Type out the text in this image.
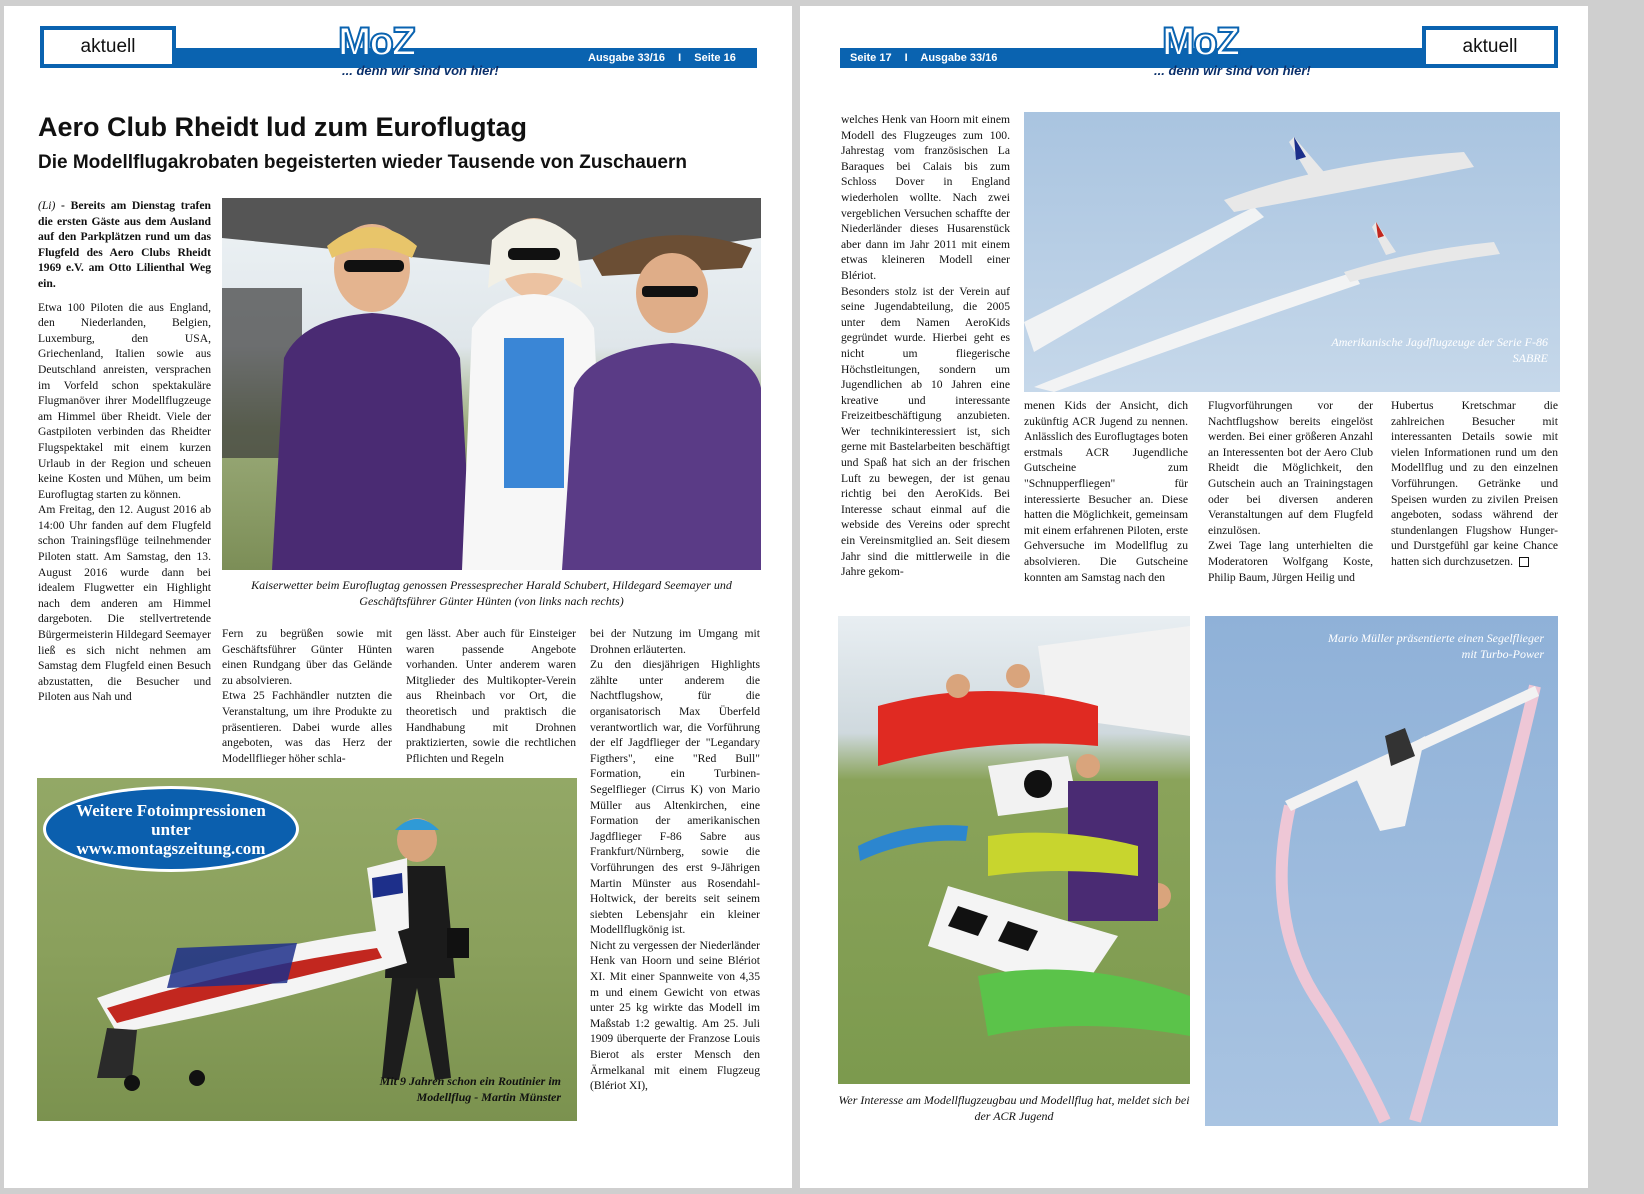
aktuell	MoZ	Ausgabe 33/16 I Seite 16
... denn wir sind von hier!
Aero Club Rheidt lud zum Euroflugtag
Die Modellflugakrobaten begeisterten wieder Tausende von Zuschauern

(Li) - Bereits am Dienstag trafen die ersten Gäste aus dem Ausland auf den Parkplätzen rund um das Flugfeld des Aero Clubs Rheidt 1969 e.V. am Otto Lilienthal Weg ein.

Etwa 100 Piloten die aus England, den Niederlanden, Belgien, Luxemburg, den USA, Griechenland, Italien sowie aus Deutschland anreisten, versprachen im Vorfeld schon spektakuläre Flugmanöver ihrer Modellflugzeuge am Himmel über Rheidt. Viele der Gastpiloten verbinden das Rheidter Flugspektakel mit einem kurzen Urlaub in der Region und scheuen keine Kosten und Mühen, um beim Euroflugtag starten zu können.

Am Freitag, den 12. August 2016 ab 14:00 Uhr fanden auf dem Flugfeld schon Trainingsflüge teilnehmender Piloten statt. Am Samstag, den 13. August 2016 wurde dann bei idealem Flugwetter ein Highlight nach dem anderen am Himmel dargeboten. Die stellvertretende Bürgermeisterin Hildegard Seemayer ließ es sich nicht nehmen am Samstag dem Flugfeld einen Besuch abzustatten, die Besucher und Piloten aus Nah und

Kaiserwetter beim Euroflugtag genossen Pressesprecher Harald Schubert, Hildegard Seemayer und Geschäftsführer Günter Hünten (von links nach rechts)

Fern zu begrüßen sowie mit Geschäftsführer Günter Hünten einen Rundgang über das Gelände zu absolvieren.

Etwa 25 Fachhändler nutzten die Veranstaltung, um ihre Produkte zu präsentieren. Dabei wurde alles angeboten, was das Herz der Modellflieger höher schla-

gen lässt. Aber auch für Einsteiger waren passende Angebote vorhanden. Unter anderem waren Mitglieder des Multikopter-Verein aus Rheinbach vor Ort, die theoretisch und praktisch die Handhabung mit Drohnen praktizierten, sowie die rechtlichen Pflichten und Regeln

bei der Nutzung im Umgang mit Drohnen erläuterten.

Zu den diesjährigen Highlights zählte unter anderem die Nachtflugshow, für die organisatorisch Max Überfeld verantwortlich war, die Vorführung der elf Jagdflieger der "Legandary Figthers", eine "Red Bull" Formation, ein Turbinen-Segelflieger (Cirrus K) von Mario Müller aus Altenkirchen, eine Formation der amerikanischen Jagdflieger F-86 Sabre aus Frankfurt/Nürnberg, sowie die Vorführungen des erst 9-Jährigen Martin Münster aus Rosendahl-Holtwick, der bereits seit seinem siebten Lebensjahr ein kleiner Modellflugkönig ist.

Nicht zu vergessen der Niederländer Henk van Hoorn und seine Blériot XI. Mit einer Spannweite von 4,35 m und einem Gewicht von etwas unter 25 kg wirkte das Modell im Maßstab 1:2 gewaltig. Am 25. Juli 1909 überquerte der Franzose Louis Bierot als erster Mensch den Ärmelkanal mit einem Flugzeug (Blériot XI),

Weitere Fotoimpressionen unter www.montagszeitung.com
Mit 9 Jahren schon ein Routinier im Modellflug - Martin Münster
Seite 17 I Ausgabe 33/16	MoZ
... denn wir sind von hier!
aktuell

welches Henk van Hoorn mit einem Modell des Flugzeuges zum 100. Jahrestag vom französischen La Baraques bei Calais bis zum Schloss Dover in England wiederholen wollte. Nach zwei vergeblichen Versuchen schaffte der Niederländer dieses Husarenstück aber dann im Jahr 2011 mit einem etwas kleineren Modell einer Blériot.

Besonders stolz ist der Verein auf seine Jugendabteilung, die 2005 unter dem Namen AeroKids gegründet wurde. Hierbei geht es nicht um fliegerische Höchstleitungen, sondern um Jugendlichen ab 10 Jahren eine kreative und interessante Freizeitbeschäftigung anzubieten. Wer technikinteressiert ist, sich gerne mit Bastelarbeiten beschäftigt und Spaß hat sich an der frischen Luft zu bewegen, der ist genau richtig bei den AeroKids. Bei Interesse schaut einmal auf die webside des Vereins oder sprecht ein Vereinsmitglied an. Seit diesem Jahr sind die mittlerweile in die Jahre gekom-

Amerikanische Jagdflugzeuge der Serie F-86 SABRE

menen Kids der Ansicht, dich zukünftig ACR Jugend zu nennen. Anlässlich des Euroflugtages boten erstmals ACR Jugendliche Gutscheine zum "Schnupperfliegen" für interessierte Besucher an. Diese hatten die Möglichkeit, gemeinsam mit einem erfahrenen Piloten, erste Gehversuche im Modellflug zu absolvieren. Die Gutscheine konnten am Samstag nach den

Flugvorführungen vor der Nachtflugshow bereits eingelöst werden. Bei einer größeren Anzahl an Interessenten bot der Aero Club Rheidt die Möglichkeit, den Gutschein auch an Trainingstagen oder bei diversen anderen Veranstaltungen auf dem Flugfeld einzulösen.

Zwei Tage lang unterhielten die Moderatoren Wolfgang Koste, Philip Baum, Jürgen Heilig und

Hubertus Kretschmar die zahlreichen Besucher mit interessanten Details sowie mit vielen Informationen rund um den Modellflug und zu den einzelnen Vorführungen. Getränke und Speisen wurden zu zivilen Preisen angeboten, sodass während der stundenlangen Flugshow Hunger- und Durstgefühl gar keine Chance hatten sich durchzusetzen.

Wer Interesse am Modellflugzeugbau und Modellflug hat, meldet sich bei der ACR Jugend
Mario Müller präsentierte einen Segelflieger mit Turbo-Power
